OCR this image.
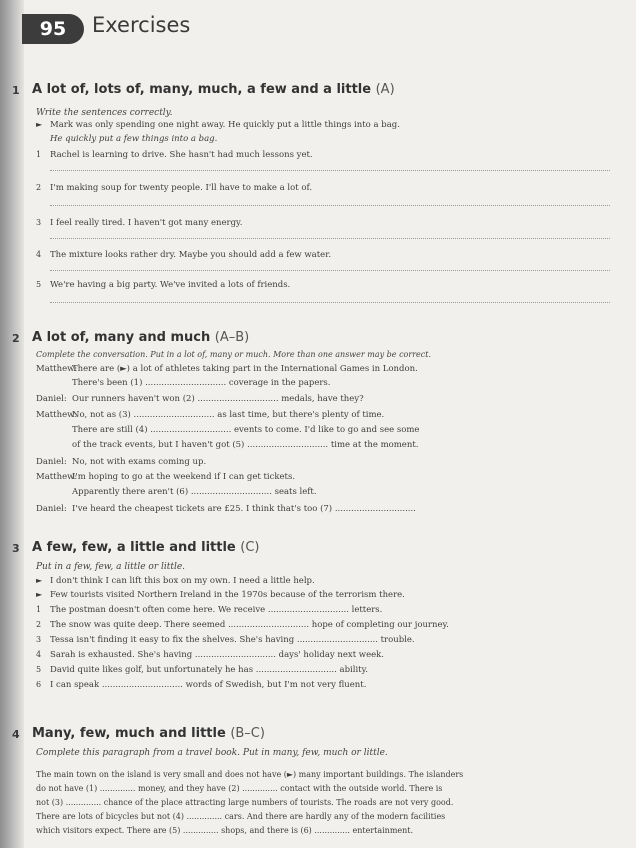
95	Exercises
1 A lot of, lots of, many, much, a few and a little (A)
Write the sentences correctly.
► Mark was only spending one night away. He quickly put a little things into a bag.
He quickly put a few things into a bag.
1 Rachel is learning to drive. She hasn't had much lessons yet.
2 I'm making soup for twenty people. I'll have to make a lot of.
3 I feel really tired. I haven't got many energy.
4 The mixture looks rather dry. Maybe you should add a few water.
5 We're having a big party. We've invited a lots of friends.
2 A lot of, many and much (A–B)
Complete the conversation. Put in a lot of, many or much. More than one answer may be correct.
Matthew:There are (►) a lot of athletes taking part in the International Games in London.
There's been (1) .............................. coverage in the papers.
Daniel: Our runners haven't won (2) .............................. medals, have they?
Matthew:No, not as (3) .............................. as last time, but there's plenty of time.
There are still (4) .............................. events to come. I'd like to go and see some
of the track events, but I haven't got (5) .............................. time at the moment.
Daniel: No, not with exams coming up.
Matthew:I'm hoping to go at the weekend if I can get tickets.
Apparently there aren't (6) .............................. seats left.
Daniel: I've heard the cheapest tickets are £25. I think that's too (7) ..............................
3 A few, few, a little and little (C)
Put in a few, few, a little or little.
► I don't think I can lift this box on my own. I need a little help.
► Few tourists visited Northern Ireland in the 1970s because of the terrorism there.
1 The postman doesn't often come here. We receive .............................. letters.
2 The snow was quite deep. There seemed .............................. hope of completing our journey.
3 Tessa isn't finding it easy to fix the shelves. She's having .............................. trouble.
4 Sarah is exhausted. She's having .............................. days' holiday next week.
5 David quite likes golf, but unfortunately he has .............................. ability.
6 I can speak .............................. words of Swedish, but I'm not very fluent.
4 Many, few, much and little (B–C)
Complete this paragraph from a travel book. Put in many, few, much or little.
The main town on the island is very small and does not have (►) many important buildings. The islanders
do not have (1) .............. money, and they have (2) .............. contact with the outside world. There is
not (3) .............. chance of the place attracting large numbers of tourists. The roads are not very good.
There are lots of bicycles but not (4) .............. cars. And there are hardly any of the modern facilities
which visitors expect. There are (5) .............. shops, and there is (6) .............. entertainment.
